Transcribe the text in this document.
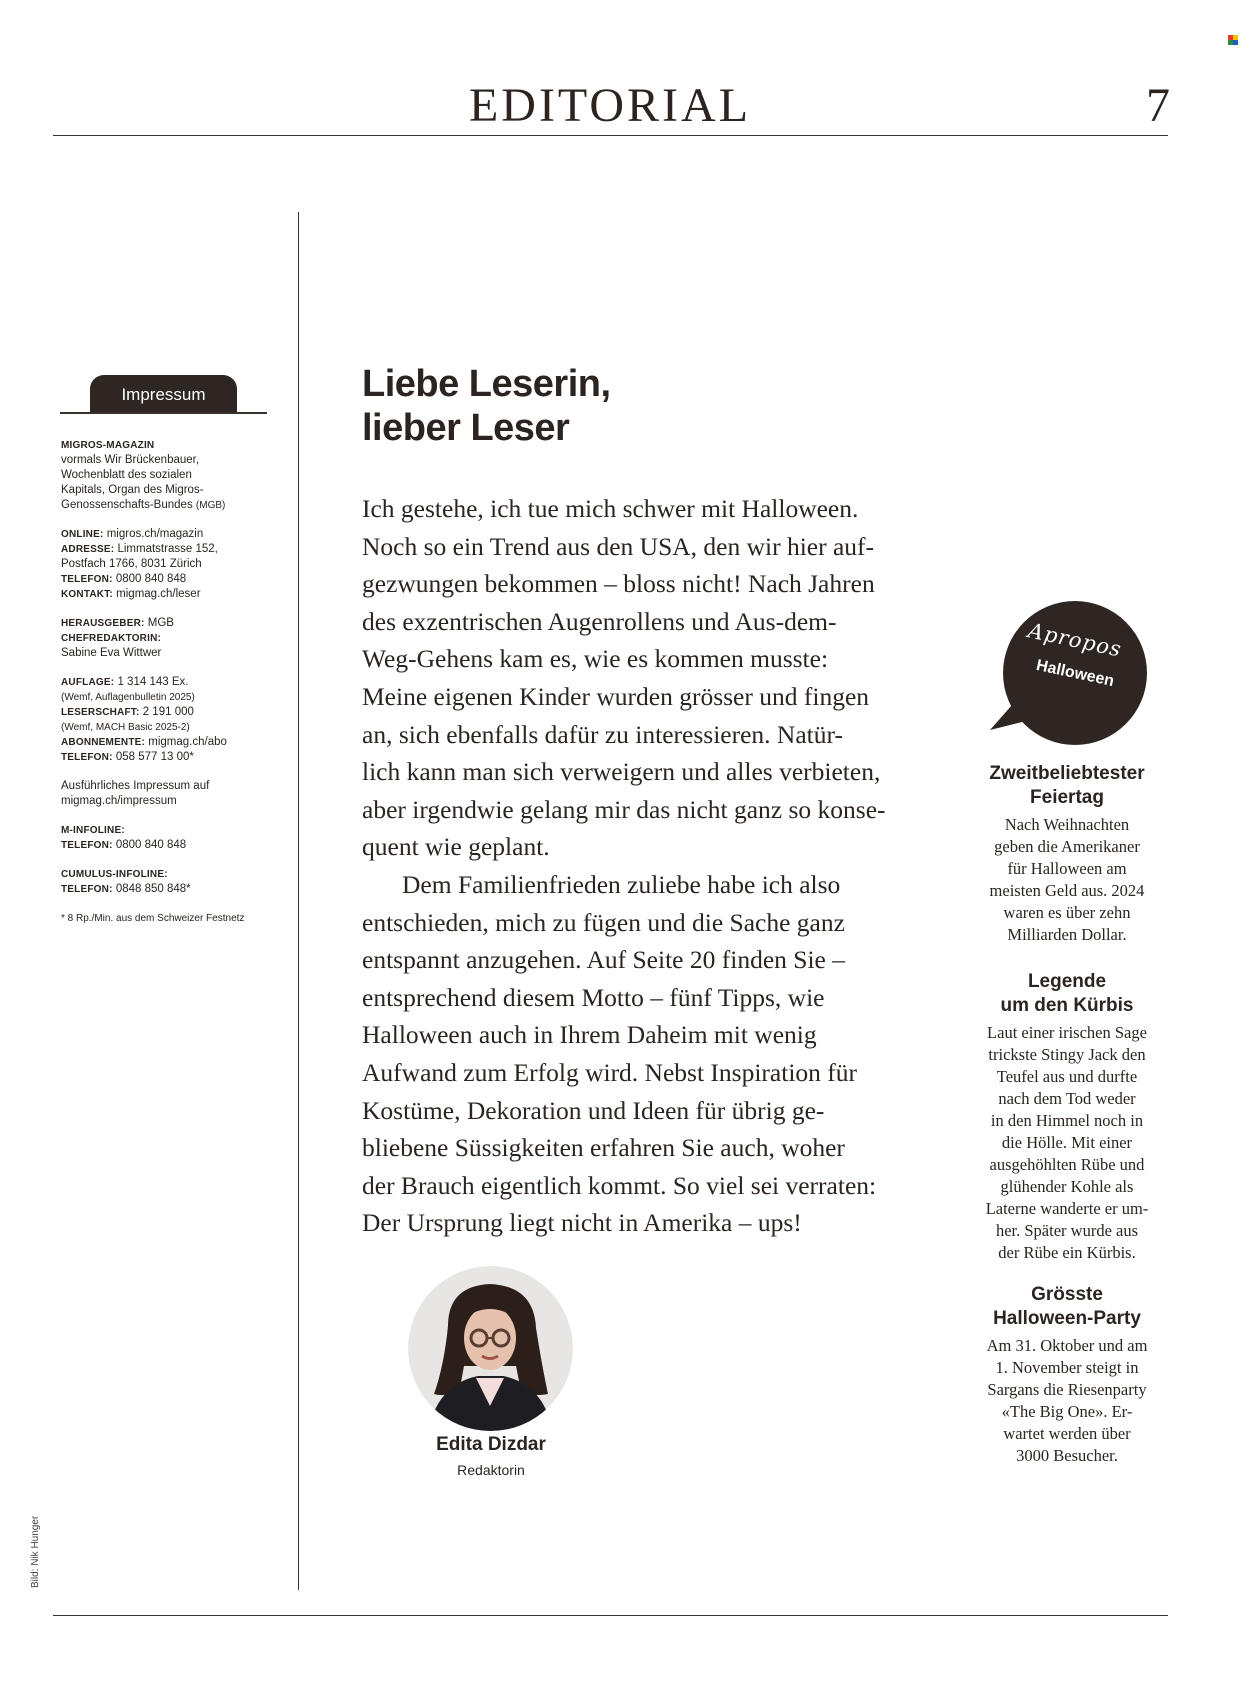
EDITORIAL	7
Impressum

MIGROS-MAGAZIN
vormals Wir Brückenbauer,
Wochenblatt des sozialen
Kapitals, Organ des Migros-
Genossenschafts-Bundes (MGB)

ONLINE: migros.ch/magazin
ADRESSE: Limmatstrasse 152,
Postfach 1766, 8031 Zürich
TELEFON: 0800 840 848
KONTAKT: migmag.ch/leser

HERAUSGEBER: MGB
CHEFREDAKTORIN:
Sabine Eva Wittwer

AUFLAGE: 1 314 143 Ex.
(Wemf, Auflagenbulletin 2025)
LESERSCHAFT: 2 191 000
(Wemf, MACH Basic 2025-2)
ABONNEMENTE: migmag.ch/abo
TELEFON: 058 577 13 00*

Ausführliches Impressum auf
migmag.ch/impressum

M-INFOLINE:
TELEFON: 0800 840 848

CUMULUS-INFOLINE:
TELEFON: 0848 850 848*

* 8 Rp./Min. aus dem Schweizer Festnetz

Bild: Nik Hunger
Liebe Leserin,
lieber Leser
Ich gestehe, ich tue mich schwer mit Halloween.
Noch so ein Trend aus den USA, den wir hier auf-
gezwungen bekommen – bloss nicht! Nach Jahren
des exzentrischen Augenrollens und Aus-dem-
Weg-Gehens kam es, wie es kommen musste:
Meine eigenen Kinder wurden grösser und fingen
an, sich ebenfalls dafür zu interessieren. Natür-
lich kann man sich verweigern und alles verbieten,
aber irgendwie gelang mir das nicht ganz so konse-
quent wie geplant.
Dem Familienfrieden zuliebe habe ich also
entschieden, mich zu fügen und die Sache ganz
entspannt anzugehen. Auf Seite 20 finden Sie –
entsprechend diesem Motto – fünf Tipps, wie
Halloween auch in Ihrem Daheim mit wenig
Aufwand zum Erfolg wird. Nebst Inspiration für
Kostüme, Dekoration und Ideen für übrig ge-
bliebene Süssigkeiten erfahren Sie auch, woher
der Brauch eigentlich kommt. So viel sei verraten:
Der Ursprung liegt nicht in Amerika – ups!
Edita Dizdar
Redaktorin
Apropos
Halloween
Zweitbeliebtester
Feiertag

Nach Weihnachten
geben die Amerikaner
für Halloween am
meisten Geld aus. 2024
waren es über zehn
Milliarden Dollar.

Legende
um den Kürbis

Laut einer irischen Sage
trickste Stingy Jack den
Teufel aus und durfte
nach dem Tod weder
in den Himmel noch in
die Hölle. Mit einer
ausgehöhlten Rübe und
glühender Kohle als
Laterne wanderte er um-
her. Später wurde aus
der Rübe ein Kürbis.

Grösste
Halloween-Party

Am 31. Oktober und am
1. November steigt in
Sargans die Riesenparty
«The Big One». Er-
wartet werden über
3000 Besucher.
